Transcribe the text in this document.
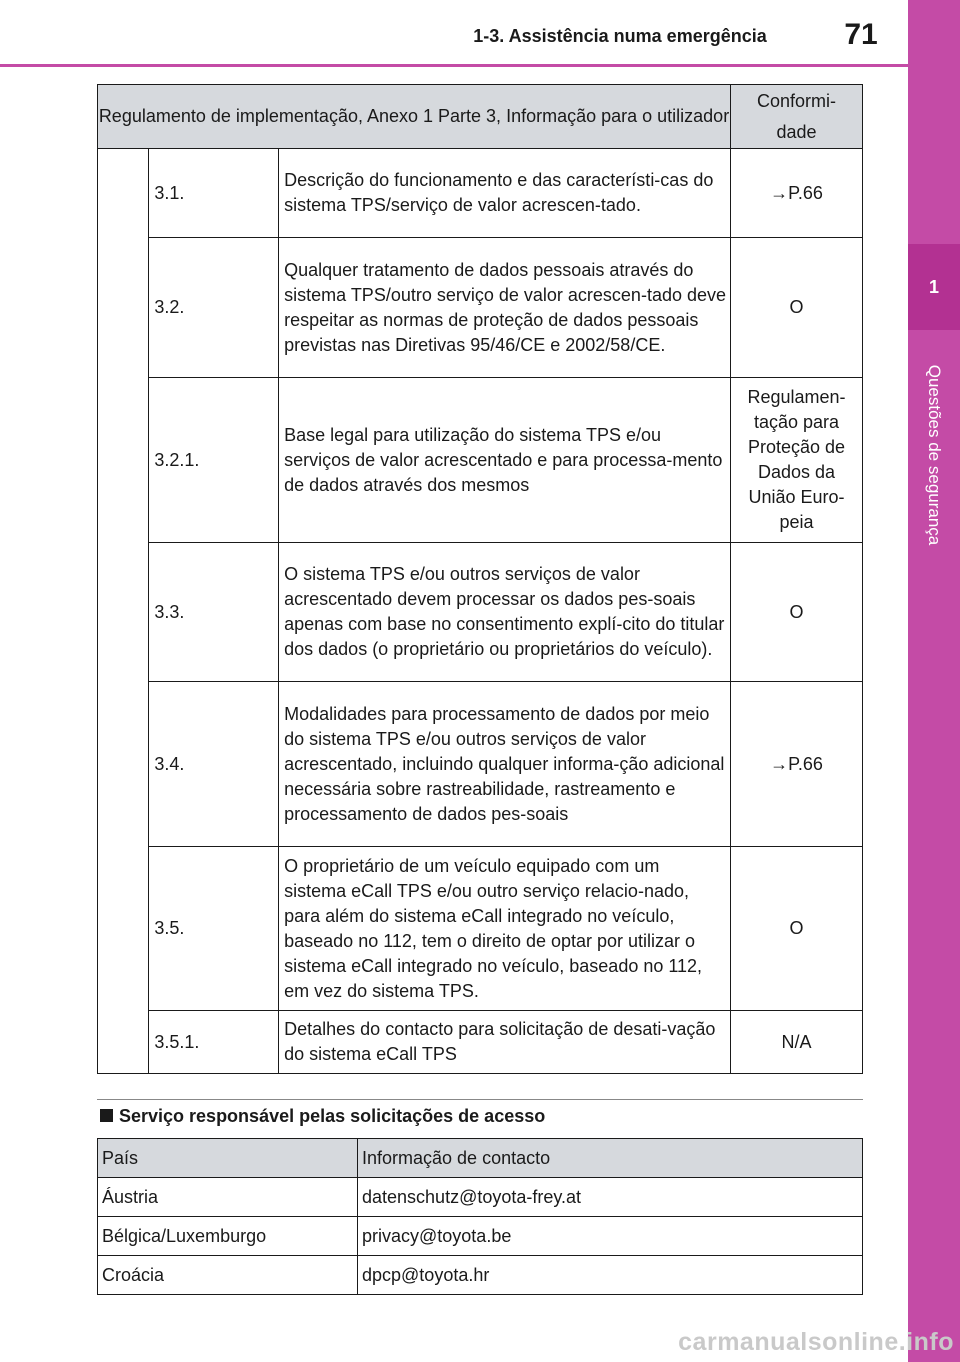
1-3. Assistência numa emergência	71
1
Questões de segurança
Regulamento de implementação, Anexo 1 Parte 3, Informação para o utilizador			Conformi-dade

	3.1.	Descrição do funcionamento e das característi-cas do sistema TPS/serviço de valor acrescen-tado.	→P.66
	3.2.	Qualquer tratamento de dados pessoais através do sistema TPS/outro serviço de valor acrescen-tado deve respeitar as normas de proteção de dados pessoais previstas nas Diretivas 95/46/CE e 2002/58/CE.	O
	3.2.1.	Base legal para utilização do sistema TPS e/ou serviços de valor acrescentado e para processa-mento de dados através dos mesmos	Regulamen-tação para Proteção de Dados da União Euro-peia
	3.3.	O sistema TPS e/ou outros serviços de valor acrescentado devem processar os dados pes-soais apenas com base no consentimento explí-cito do titular dos dados (o proprietário ou proprietários do veículo).	O
	3.4.	Modalidades para processamento de dados por meio do sistema TPS e/ou outros serviços de valor acrescentado, incluindo qualquer informa-ção adicional necessária sobre rastreabilidade, rastreamento e processamento de dados pes-soais	→P.66
	3.5.	O proprietário de um veículo equipado com um sistema eCall TPS e/ou outro serviço relacio-nado, para além do sistema eCall integrado no veículo, baseado no 112, tem o direito de optar por utilizar o sistema eCall integrado no veículo, baseado no 112, em vez do sistema TPS.	O
	3.5.1.	Detalhes do contacto para solicitação de desati-vação do sistema eCall TPS	N/A
Serviço responsável pelas solicitações de acesso
País	Informação de contacto
Áustria	datenschutz@toyota-frey.at
Bélgica/Luxemburgo	privacy@toyota.be
Croácia	dpcp@toyota.hr
carmanualsonline.info
